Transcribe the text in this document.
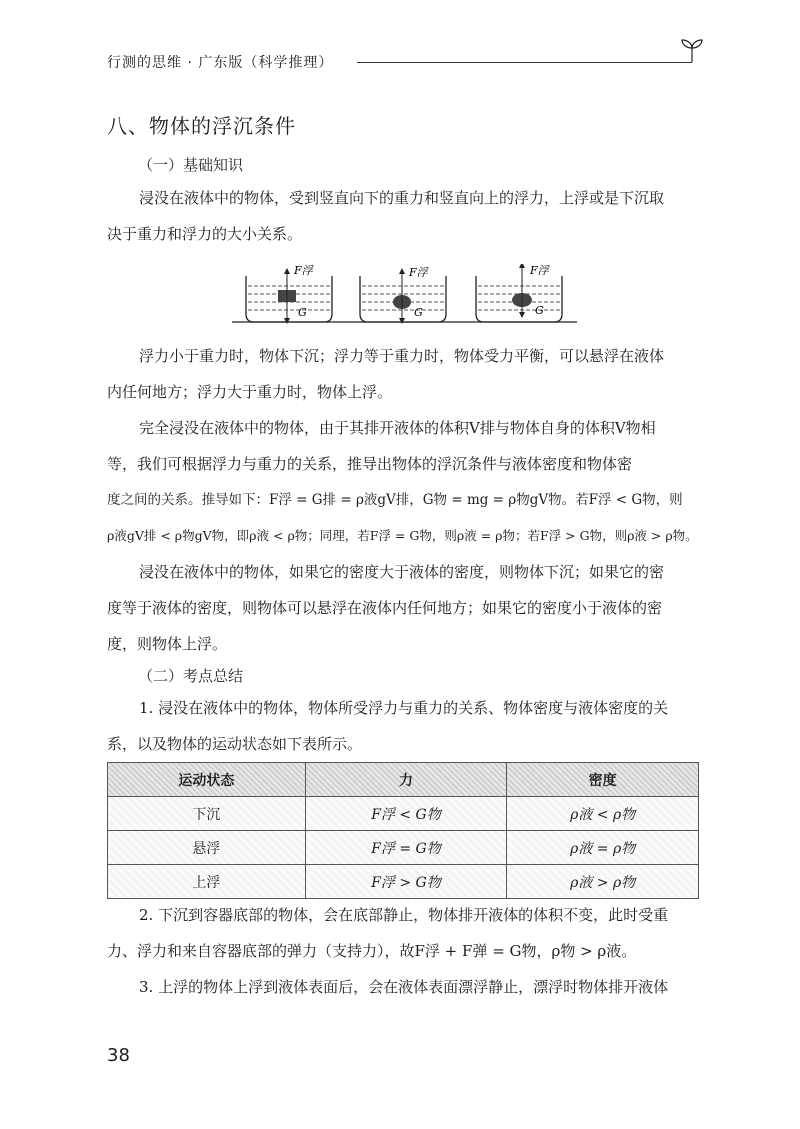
行测的思维 · 广东版（科学推理）
八、物体的浮沉条件
（一）基础知识
浸没在液体中的物体，受到竖直向下的重力和竖直向上的浮力，上浮或是下沉取
决于重力和浮力的大小关系。
F浮	F浮	F浮
G	G	G
浮力小于重力时，物体下沉；浮力等于重力时，物体受力平衡，可以悬浮在液体
内任何地方；浮力大于重力时，物体上浮。
完全浸没在液体中的物体，由于其排开液体的体积V排与物体自身的体积V物相
等，我们可根据浮力与重力的关系，推导出物体的浮沉条件与液体密度和物体密
度之间的关系。推导如下：F浮 = G排 = ρ液gV排，G物 = mg = ρ物gV物。若F浮 < G物，则
ρ液gV排 < ρ物gV物，即ρ液 < ρ物；同理，若F浮 = G物，则ρ液 = ρ物；若F浮 > G物，则ρ液 > ρ物。
浸没在液体中的物体，如果它的密度大于液体的密度，则物体下沉；如果它的密
度等于液体的密度，则物体可以悬浮在液体内任何地方；如果它的密度小于液体的密
度，则物体上浮。
（二）考点总结
1. 浸没在液体中的物体，物体所受浮力与重力的关系、物体密度与液体密度的关
系，以及物体的运动状态如下表所示。
运动状态	力	密度
下沉	F浮 < G物	ρ液 < ρ物
悬浮	F浮 = G物	ρ液 = ρ物
上浮	F浮 > G物	ρ液 > ρ物
2. 下沉到容器底部的物体，会在底部静止，物体排开液体的体积不变，此时受重
力、浮力和来自容器底部的弹力（支持力），故F浮 + F弹 = G物，ρ物 > ρ液。
3. 上浮的物体上浮到液体表面后，会在液体表面漂浮静止，漂浮时物体排开液体
38
